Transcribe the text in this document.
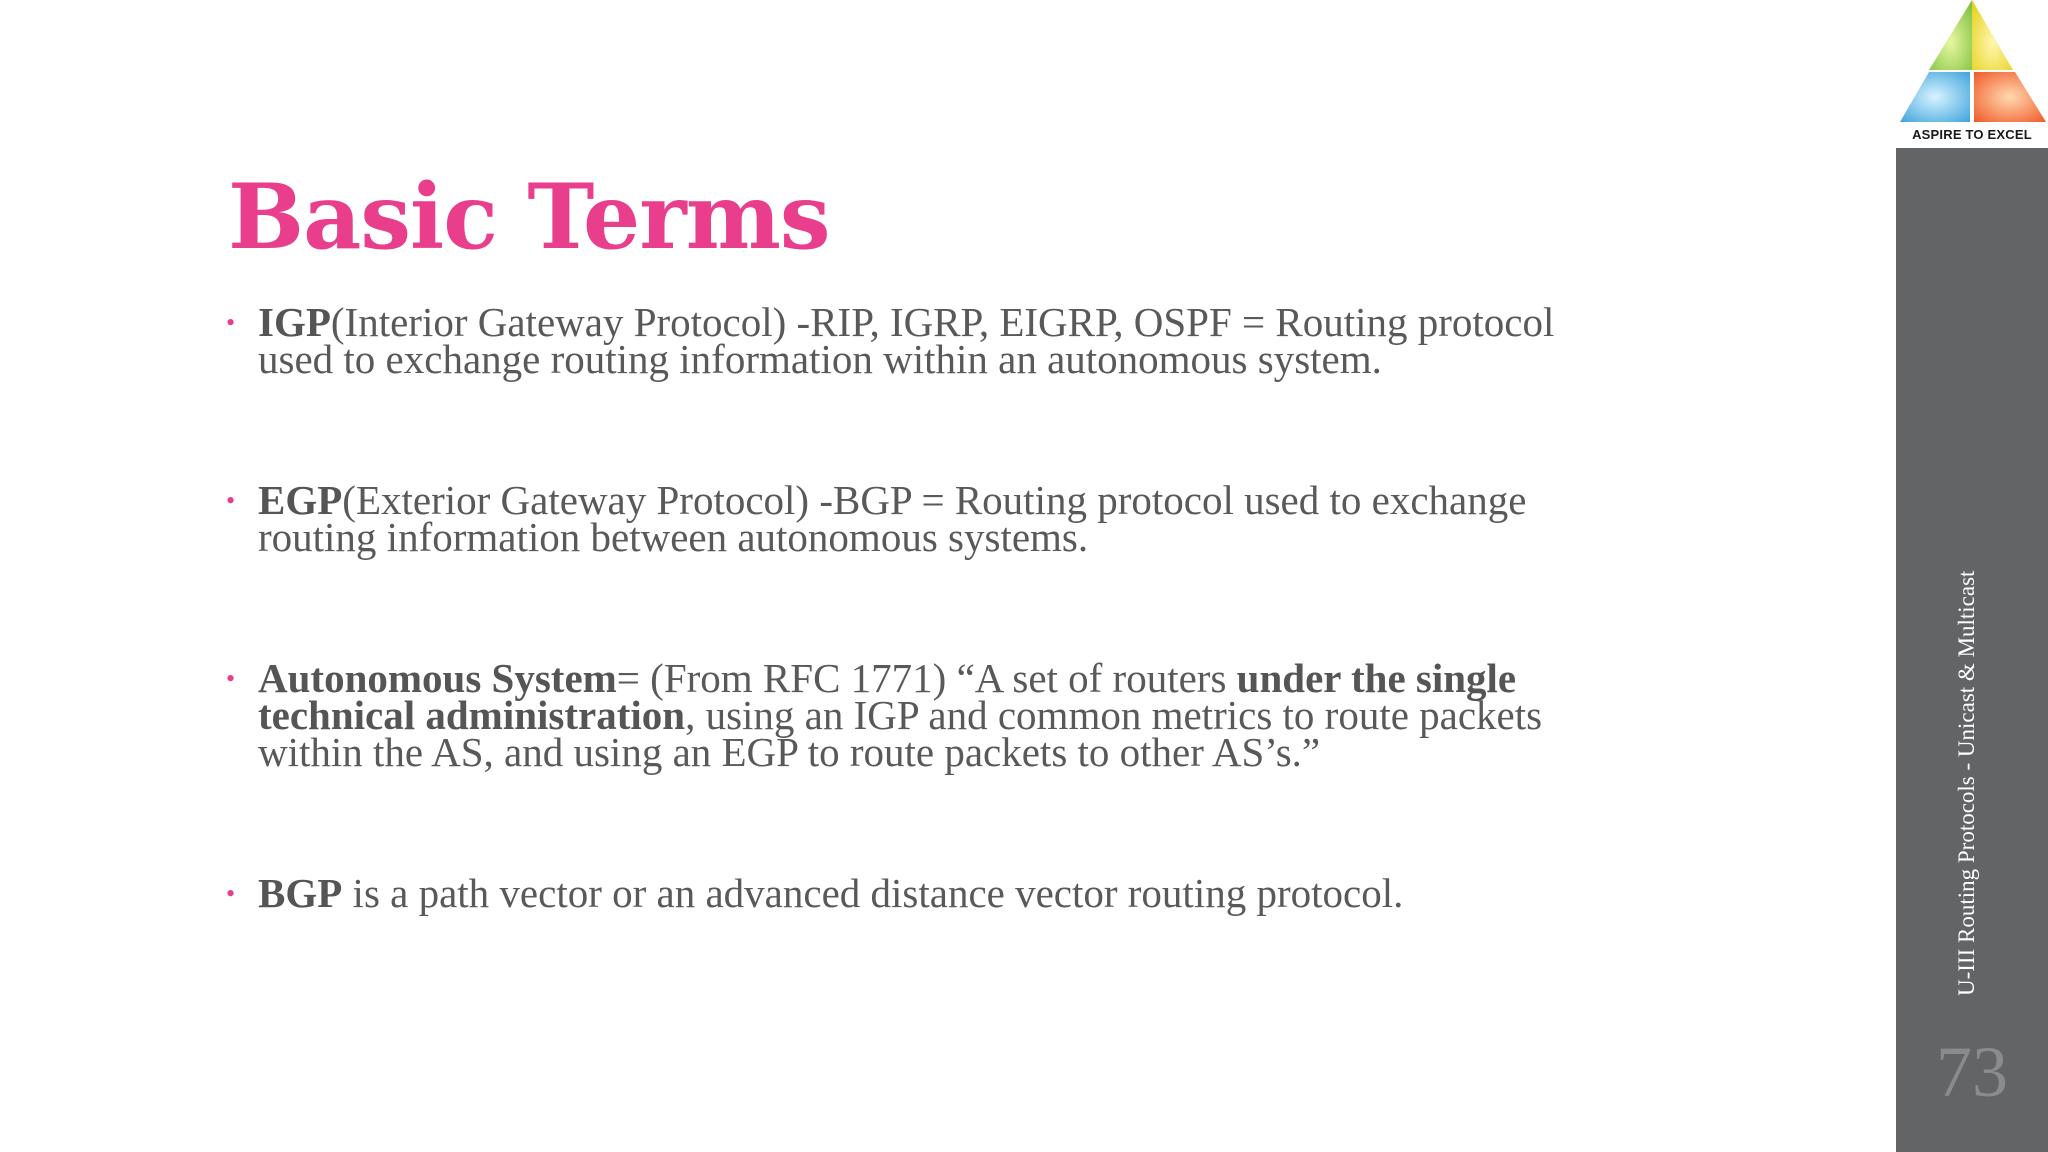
Basic Terms
• IGP(Interior Gateway Protocol) -RIP, IGRP, EIGRP, OSPF = Routing protocol used to exchange routing information within an autonomous system.
• EGP(Exterior Gateway Protocol) -BGP = Routing protocol used to exchange routing information between autonomous systems.
• Autonomous System= (From RFC 1771) “A set of routers under the single technical administration, using an IGP and common metrics to route packets within the AS, and using an EGP to route packets to other AS’s.”
• BGP is a path vector or an advanced distance vector routing protocol.
ASPIRE TO EXCEL
U-III Routing Protocols - Unicast & Multicast
73
